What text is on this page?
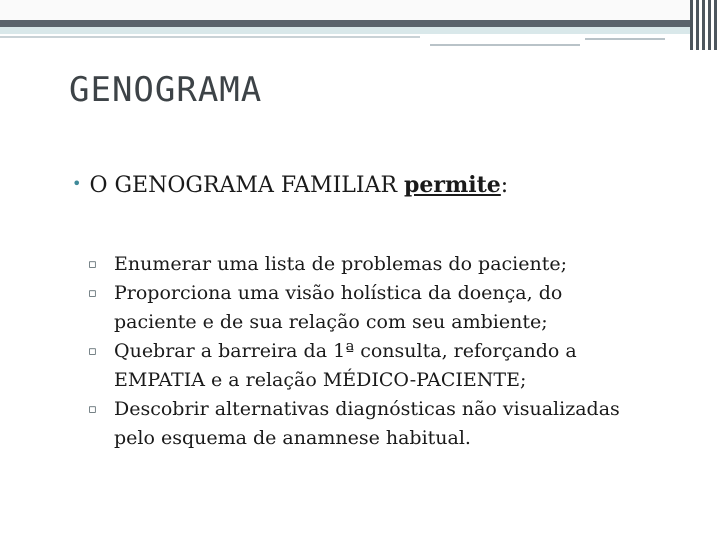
GENOGRAMA
• O GENOGRAMA FAMILIAR permite:
▫ Enumerar uma lista de problemas do paciente;
▫ Proporciona uma visão holística da doença, do paciente e de sua relação com seu ambiente;
▫ Quebrar a barreira da 1ª consulta, reforçando a EMPATIA e a relação MÉDICO-PACIENTE;
▫ Descobrir alternativas diagnósticas não visualizadas pelo esquema de anamnese habitual.
